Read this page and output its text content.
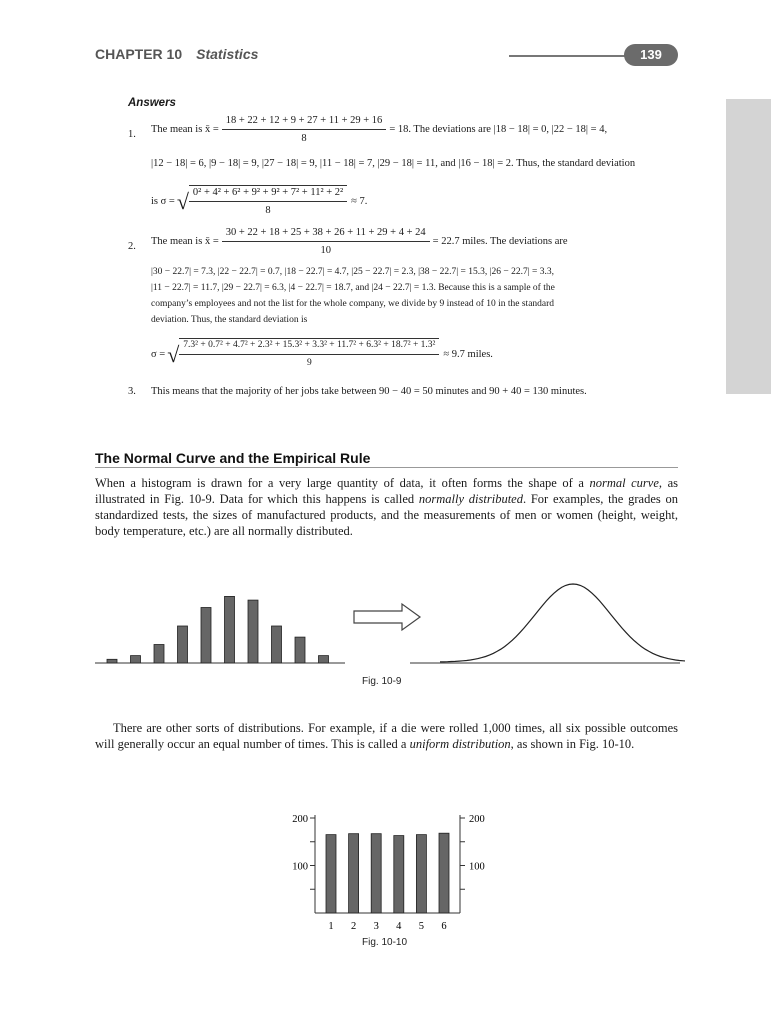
CHAPTER 10 Statistics	139
Answers
1. The mean is x̄ = $\frac{18 + 22 + 12 + 9 + 27 + 11 + 29 + 16}{8} = 18$. The deviations are |18 − 18| = 0, |22 − 18| = 4,
|12 − 18| = 6, |9 − 18| = 9, |27 − 18| = 9, |11 − 18| = 7, |29 − 18| = 11, and |16 − 18| = 2. Thus, the standard deviation
is σ = √ $\frac{\text{0² + 4² + 6² + 9² + 9² + 7² + 11² + 2²}}{8} \approx 7$.
2. The mean is x̄ = $\frac{30 + 22 + 18 + 25 + 38 + 26 + 11 + 29 + 4 + 24}{10} = 22.7$ miles. The deviations are
|30 − 22.7| = 7.3, |22 − 22.7| = 0.7, |18 − 22.7| = 4.7, |25 − 22.7| = 2.3, |38 − 22.7| = 15.3, |26 − 22.7| = 3.3,
|11 − 22.7| = 11.7, |29 − 22.7| = 6.3, |4 − 22.7| = 18.7, and |24 − 22.7| = 1.3. Because this is a sample of the
company’s employees and not the list for the whole company, we divide by 9 instead of 10 in the standard
deviation. Thus, the standard deviation is
σ = √ 7.3² + 0.7² + 4.7² + 2.3² + 15.3² + 3.3² + 11.7² + 6.3² + 18.7² + 1.3²
9
≈ 9.7 miles.
3. This means that the majority of her jobs take between 90 − 40 = 50 minutes and 90 + 40 = 130 minutes.
The Normal Curve and the Empirical Rule
When a histogram is drawn for a very large quantity of data, it often forms the shape of a normal curve, as illustrated in Fig. 10-9. Data for which this happens is called normally distributed. For examples, the grades on standardized tests, the sizes of manufactured products, and the measurements of men or women (height, weight, body temperature, etc.) are all normally distributed.
Fig. 10-9
There are other sorts of distributions. For example, if a die were rolled 1,000 times, all six possible outcomes will generally occur an equal number of times. This is called a uniform distribution, as shown in Fig. 10-10.
100	100
200	200
1 2 3 4 5 6
Fig. 10-10
